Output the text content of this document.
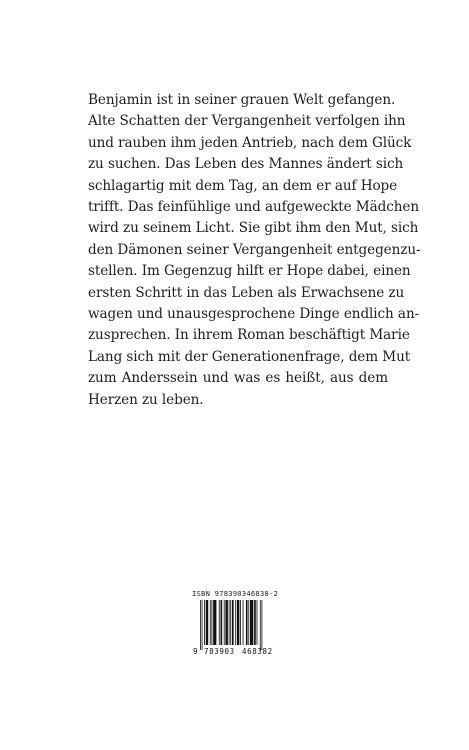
Benjamin ist in seiner grauen Welt gefangen.
Alte Schatten der Vergangenheit verfolgen ihn
und rauben ihm jeden Antrieb, nach dem Glück
zu suchen. Das Leben des Mannes ändert sich
schlagartig mit dem Tag, an dem er auf Hope
trifft. Das feinfühlige und aufgeweckte Mädchen
wird zu seinem Licht. Sie gibt ihm den Mut, sich
den Dämonen seiner Vergangenheit entgegenzu-
stellen. Im Gegenzug hilft er Hope dabei, einen
ersten Schritt in das Leben als Erwachsene zu
wagen und unausgesprochene Dinge endlich an-
zusprechen. In ihrem Roman beschäftigt Marie
Lang sich mit der Generationenfrage, dem Mut
zum Anderssein und was es heißt, aus dem
Herzen zu leben.
ISBN 978390346838-2
9 783903 468382
